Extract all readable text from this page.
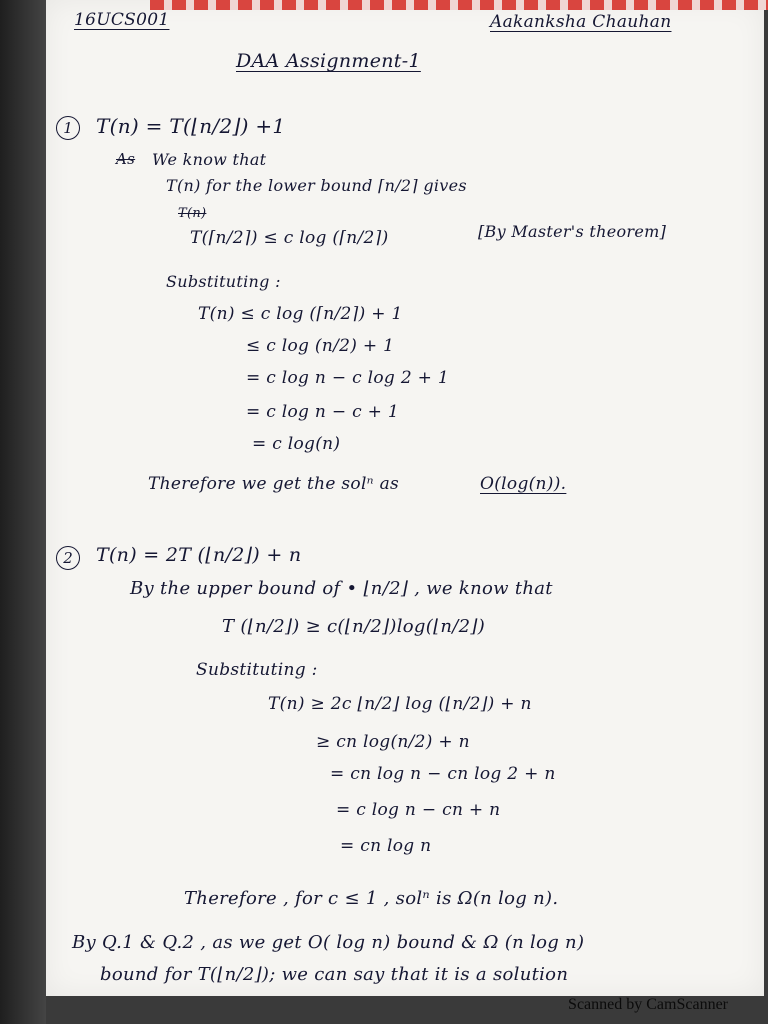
16UCS001	Aakanksha Chauhan
DAA Assignment-1
1	T(n) = T(⌊n/2⌋) +1
As We know that
T(n) for the lower bound ⌈n/2⌉ gives
T(n)
T(⌈n/2⌉) ≤ c log (⌈n/2⌉)	[By Master's theorem]
Substituting :
T(n) ≤ c log (⌈n/2⌉) + 1
≤ c log (n/2) + 1
= c log n − c log 2 + 1
= c log n − c + 1
= c log(n)
Therefore we get the solⁿ as	O(log(n)).
2	T(n) = 2T (⌊n/2⌋) + n
By the upper bound of • ⌊n/2⌋ , we know that
T (⌊n/2⌋) ≥ c(⌊n/2⌋)log(⌊n/2⌋)
Substituting :
T(n) ≥ 2c ⌊n/2⌋ log (⌊n/2⌋) + n
≥ cn log(n/2) + n
= cn log n − cn log 2 + n
= c log n − cn + n
= cn log n
Therefore , for c ≤ 1 , solⁿ is Ω(n log n).
By Q.1 & Q.2 , as we get O( log n) bound & Ω (n log n)
bound for T(⌊n/2⌋); we can say that it is a solution
Scanned by CamScanner
